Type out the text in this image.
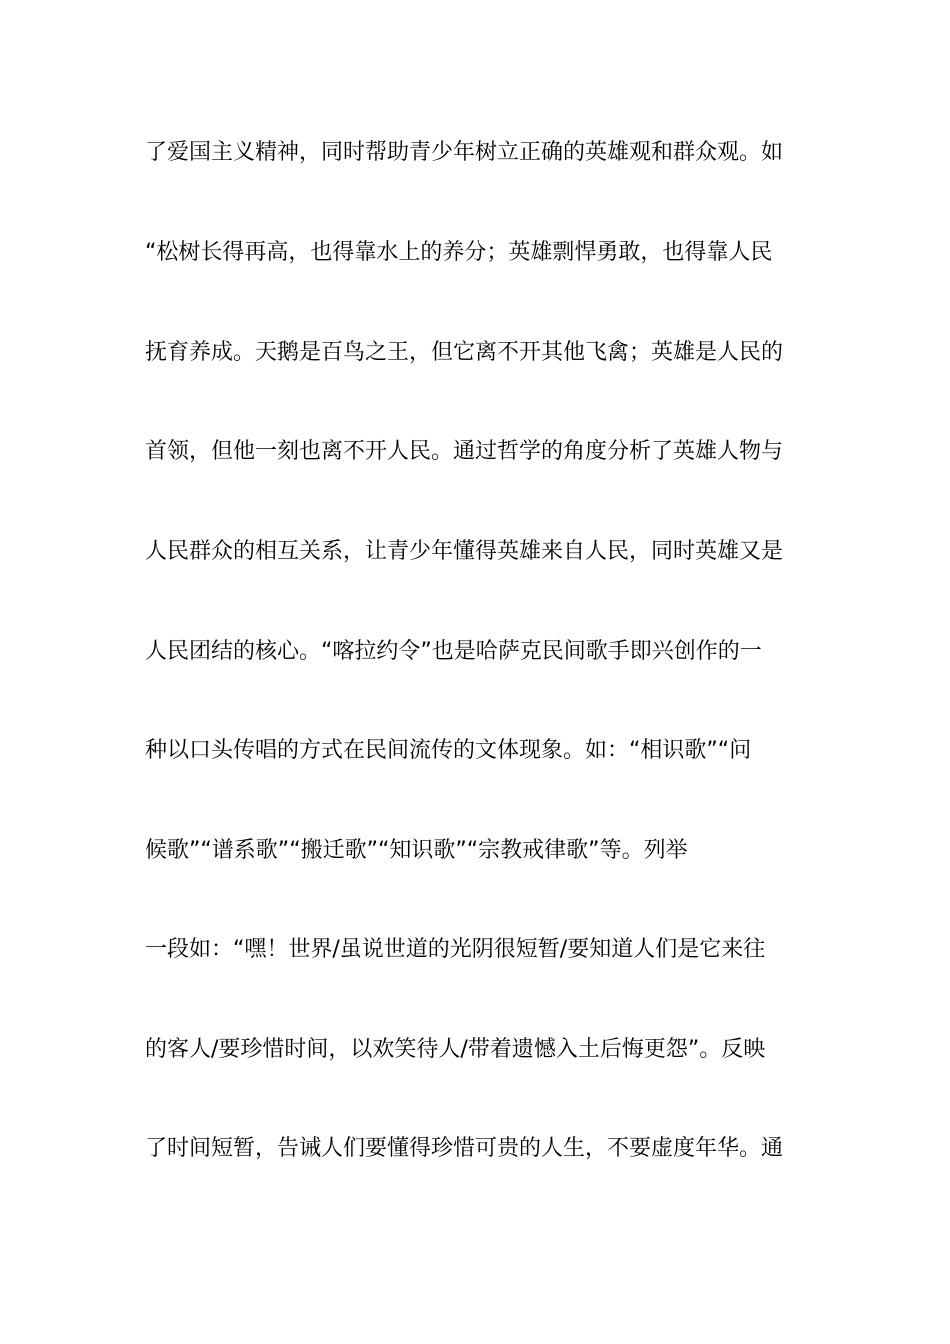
了爱国主义精神，同时帮助青少年树立正确的英雄观和群众观。如
“松树长得再高，也得靠水上的养分；英雄剽悍勇敢，也得靠人民
抚育养成。天鹅是百鸟之王，但它离不开其他飞禽；英雄是人民的
首领，但他一刻也离不开人民。通过哲学的角度分析了英雄人物与
人民群众的相互关系，让青少年懂得英雄来自人民，同时英雄又是
人民团结的核心。“喀拉约令”也是哈萨克民间歌手即兴创作的一
种以口头传唱的方式在民间流传的文体现象。如：“相识歌”“问
候歌”“谱系歌”“搬迁歌”“知识歌”“宗教戒律歌”等。列举
一段如：“嘿！世界/虽说世道的光阴很短暂/要知道人们是它来往
的客人/要珍惜时间，以欢笑待人/带着遗憾入土后悔更怨”。反映
了时间短暂，告诫人们要懂得珍惜可贵的人生，不要虚度年华。通
